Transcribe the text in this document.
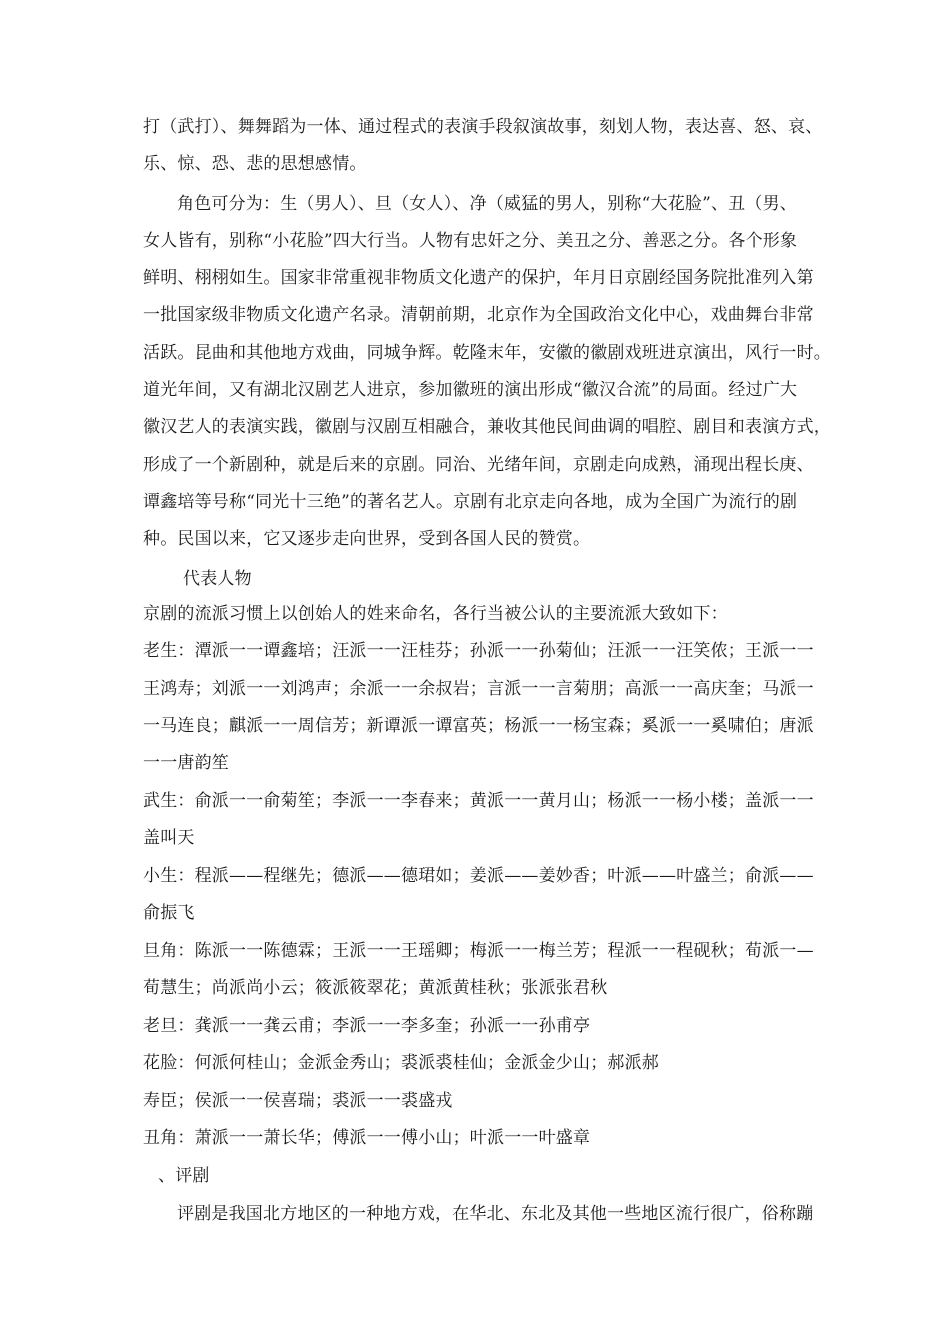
打（武打）、舞舞蹈为一体、通过程式的表演手段叙演故事，刻划人物，表达喜、怒、哀、
乐、惊、恐、悲的思想感情。
角色可分为：生（男人）、旦（女人）、净（威猛的男人，别称“大花脸”、丑（男、
女人皆有，别称“小花脸”四大行当。人物有忠奸之分、美丑之分、善恶之分。各个形象
鲜明、栩栩如生。国家非常重视非物质文化遗产的保护，年月日京剧经国务院批准列入第
一批国家级非物质文化遗产名录。清朝前期，北京作为全国政治文化中心，戏曲舞台非常
活跃。昆曲和其他地方戏曲，同城争辉。乾隆末年，安徽的徽剧戏班进京演出，风行一时。
道光年间，又有湖北汉剧艺人进京，参加徽班的演出形成“徽汉合流”的局面。经过广大
徽汉艺人的表演实践，徽剧与汉剧互相融合，兼收其他民间曲调的唱腔、剧目和表演方式，
形成了一个新剧种，就是后来的京剧。同治、光绪年间，京剧走向成熟，涌现出程长庚、
谭鑫培等号称“同光十三绝”的著名艺人。京剧有北京走向各地，成为全国广为流行的剧
种。民国以来，它又逐步走向世界，受到各国人民的赞赏。
代表人物
京剧的流派习惯上以创始人的姓来命名，各行当被公认的主要流派大致如下：
老生：潭派一一谭鑫培；汪派一一汪桂芬；孙派一一孙菊仙；汪派一一汪笑侬；王派一一
王鸿寿；刘派一一刘鸿声；余派一一余叔岩；言派一一言菊朋；高派一一高庆奎；马派一
一马连良；麒派一一周信芳；新谭派一谭富英；杨派一一杨宝森；奚派一一奚啸伯；唐派
一一唐韵笙
武生：俞派一一俞菊笙；李派一一李春来；黄派一一黄月山；杨派一一杨小楼；盖派一一
盖叫天
小生：程派——程继先；德派——德珺如；姜派——姜妙香；叶派——叶盛兰；俞派——
俞振飞
旦角：陈派一一陈德霖；王派一一王瑶卿；梅派一一梅兰芳；程派一一程砚秋；荀派一—
荀慧生；尚派尚小云；筱派筱翠花；黄派黄桂秋；张派张君秋
老旦：龚派一一龚云甫；李派一一李多奎；孙派一一孙甫亭
花脸：何派何桂山；金派金秀山；裘派裘桂仙；金派金少山；郝派郝
寿臣；侯派一一侯喜瑞；裘派一一裘盛戎
丑角：萧派一一萧长华；傅派一一傅小山；叶派一一叶盛章
、评剧
评剧是我国北方地区的一种地方戏，在华北、东北及其他一些地区流行很广，俗称蹦
